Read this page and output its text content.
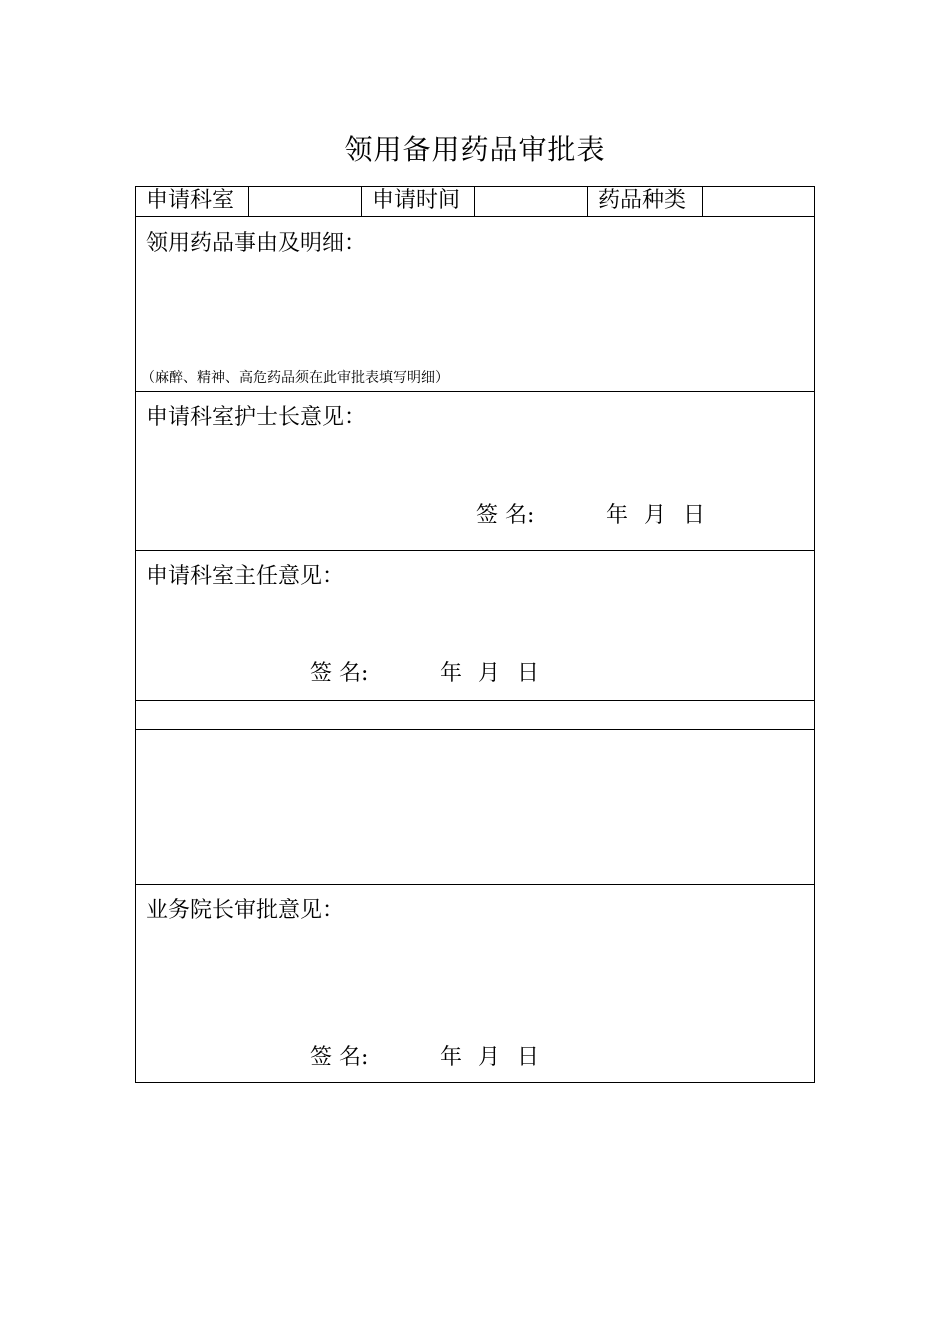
领用备用药品审批表
申请科室	申请时间	药品种类
领用药品事由及明细：
（麻醉、精神、高危药品须在此审批表填写明细）
申请科室护士长意见：
签 名:	年 月 日
申请科室主任意见：
签 名:	年 月 日
业务院长审批意见：
签 名:	年 月 日
